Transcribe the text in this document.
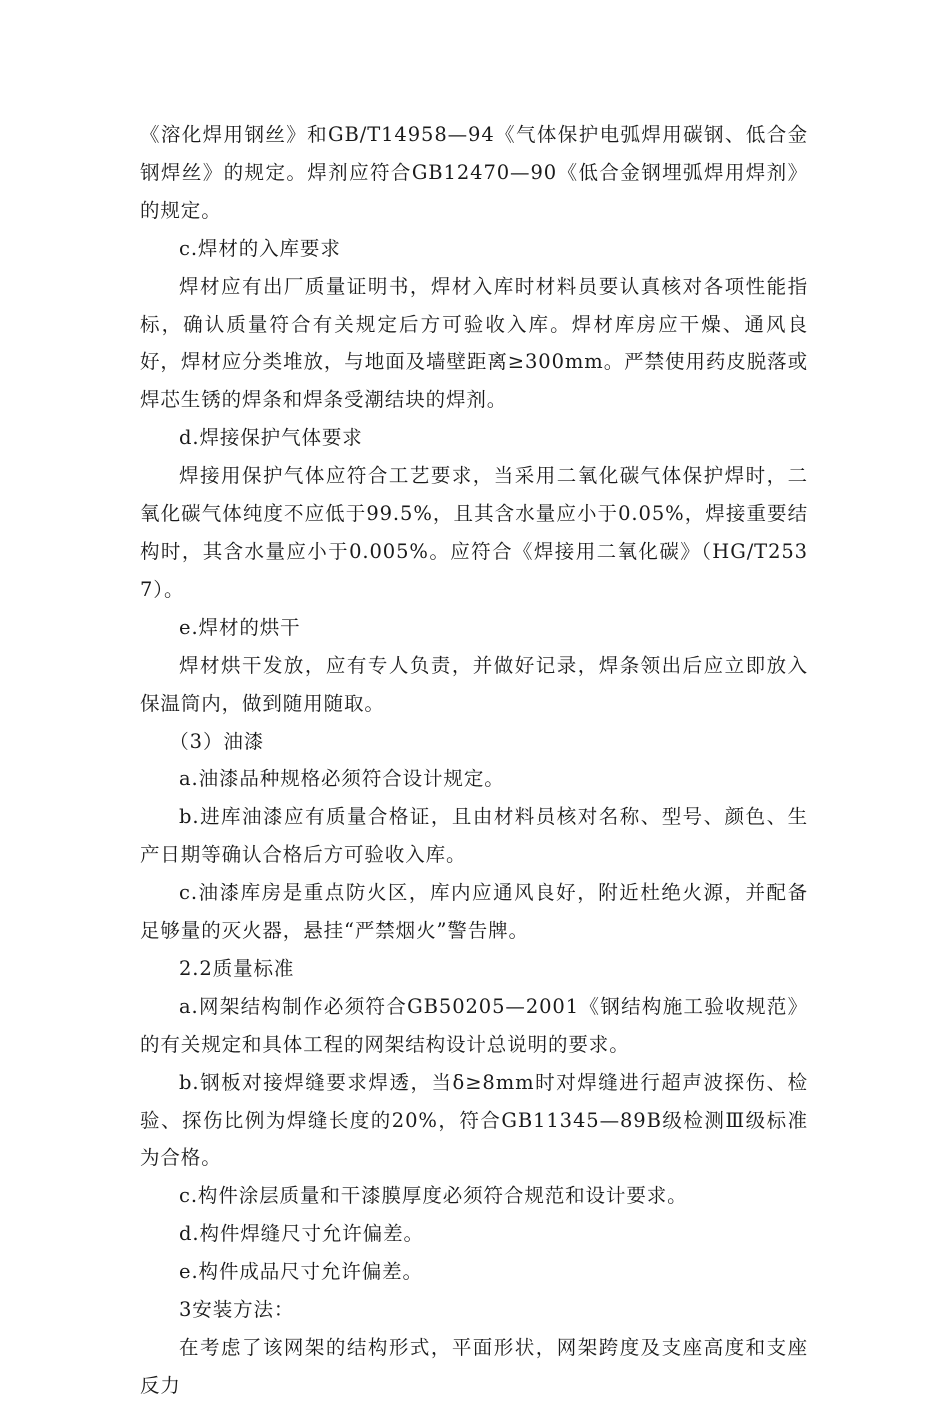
《溶化焊用钢丝》和GB/T14958—94《气体保护电弧焊用碳钢、低合金钢焊丝》的规定。焊剂应符合GB12470—90《低合金钢埋弧焊用焊剂》的规定。

c.焊材的入库要求

焊材应有出厂质量证明书，焊材入库时材料员要认真核对各项性能指标，确认质量符合有关规定后方可验收入库。焊材库房应干燥、通风良好，焊材应分类堆放，与地面及墙壁距离≥300mm。严禁使用药皮脱落或焊芯生锈的焊条和焊条受潮结块的焊剂。

d.焊接保护气体要求

焊接用保护气体应符合工艺要求，当采用二氧化碳气体保护焊时，二氧化碳气体纯度不应低于99.5%，且其含水量应小于0.05%，焊接重要结构时，其含水量应小于0.005%。应符合《焊接用二氧化碳》（HG/T2537）。

e.焊材的烘干

焊材烘干发放，应有专人负责，并做好记录，焊条领出后应立即放入保温筒内，做到随用随取。

（3）油漆

a.油漆品种规格必须符合设计规定。

b.进库油漆应有质量合格证，且由材料员核对名称、型号、颜色、生产日期等确认合格后方可验收入库。

c.油漆库房是重点防火区，库内应通风良好，附近杜绝火源，并配备足够量的灭火器，悬挂“严禁烟火”警告牌。

2.2质量标准

a.网架结构制作必须符合GB50205—2001《钢结构施工验收规范》的有关规定和具体工程的网架结构设计总说明的要求。

b.钢板对接焊缝要求焊透，当δ≥8mm时对焊缝进行超声波探伤、检验、探伤比例为焊缝长度的20%，符合GB11345—89B级检测Ⅲ级标准为合格。

c.构件涂层质量和干漆膜厚度必须符合规范和设计要求。

d.构件焊缝尺寸允许偏差。

e.构件成品尺寸允许偏差。

3安装方法：

在考虑了该网架的结构形式，平面形状，网架跨度及支座高度和支座反力
